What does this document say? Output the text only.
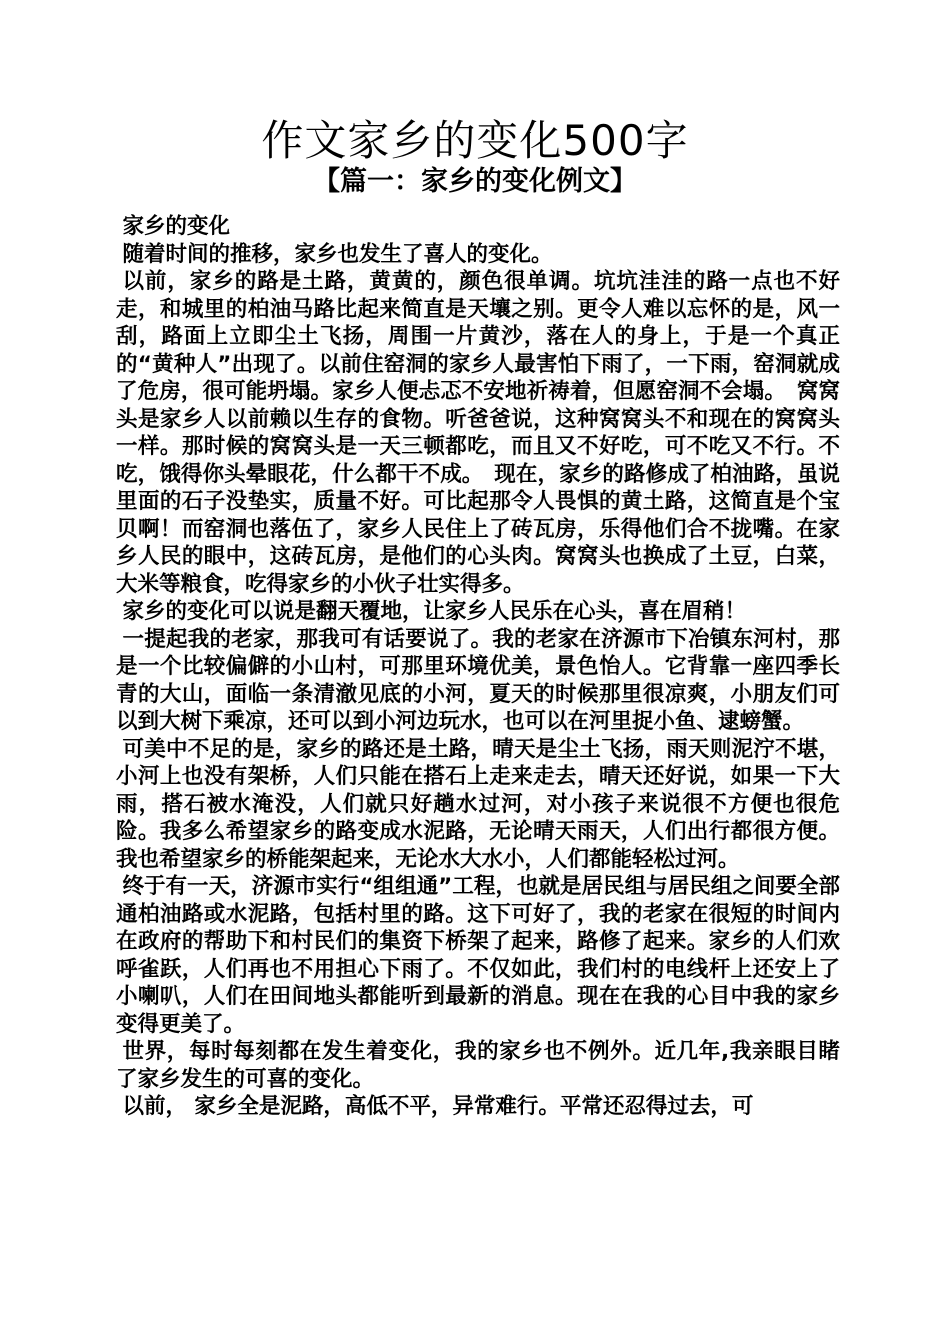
作文家乡的变化500字
【篇一：家乡的变化例文】

家乡的变化

随着时间的推移，家乡也发生了喜人的变化。

以前，家乡的路是土路，黄黄的，颜色很单调。坑坑洼洼的路一点也不好走，和城里的柏油马路比起来简直是天壤之别。更令人难以忘怀的是，风一刮，路面上立即尘土飞扬，周围一片黄沙，落在人的身上，于是一个真正的“黄种人”出现了。以前住窑洞的家乡人最害怕下雨了，一下雨，窑洞就成了危房，很可能坍塌。家乡人便忐忑不安地祈祷着，但愿窑洞不会塌。　窝窝头是家乡人以前赖以生存的食物。听爸爸说，这种窝窝头不和现在的窝窝头一样。那时候的窝窝头是一天三顿都吃，而且又不好吃，可不吃又不行。不吃，饿得你头晕眼花，什么都干不成。　现在，家乡的路修成了柏油路，虽说里面的石子没垫实，质量不好。可比起那令人畏惧的黄土路，这简直是个宝贝啊！而窑洞也落伍了，家乡人民住上了砖瓦房，乐得他们合不拢嘴。在家乡人民的眼中，这砖瓦房，是他们的心头肉。窝窝头也换成了土豆，白菜，大米等粮食，吃得家乡的小伙子壮实得多。

家乡的变化可以说是翻天覆地，让家乡人民乐在心头，喜在眉稍！

一提起我的老家，那我可有话要说了。我的老家在济源市下冶镇东河村，那是一个比较偏僻的小山村，可那里环境优美，景色怡人。它背靠一座四季长青的大山，面临一条清澈见底的小河，夏天的时候那里很凉爽，小朋友们可以到大树下乘凉，还可以到小河边玩水，也可以在河里捉小鱼、逮螃蟹。

可美中不足的是，家乡的路还是土路，晴天是尘土飞扬，雨天则泥泞不堪，小河上也没有架桥，人们只能在搭石上走来走去，晴天还好说，如果一下大雨，搭石被水淹没，人们就只好趟水过河，对小孩子来说很不方便也很危险。我多么希望家乡的路变成水泥路，无论晴天雨天，人们出行都很方便。我也希望家乡的桥能架起来，无论水大水小，人们都能轻松过河。

终于有一天，济源市实行“组组通”工程，也就是居民组与居民组之间要全部通柏油路或水泥路，包括村里的路。这下可好了，我的老家在很短的时间内在政府的帮助下和村民们的集资下桥架了起来，路修了起来。家乡的人们欢呼雀跃，人们再也不用担心下雨了。不仅如此，我们村的电线杆上还安上了小喇叭，人们在田间地头都能听到最新的消息。现在在我的心目中我的家乡变得更美了。

世界，每时每刻都在发生着变化，我的家乡也不例外。近几年,我亲眼目睹了家乡发生的可喜的变化。

以前， 家乡全是泥路，高低不平，异常难行。平常还忍得过去，可
